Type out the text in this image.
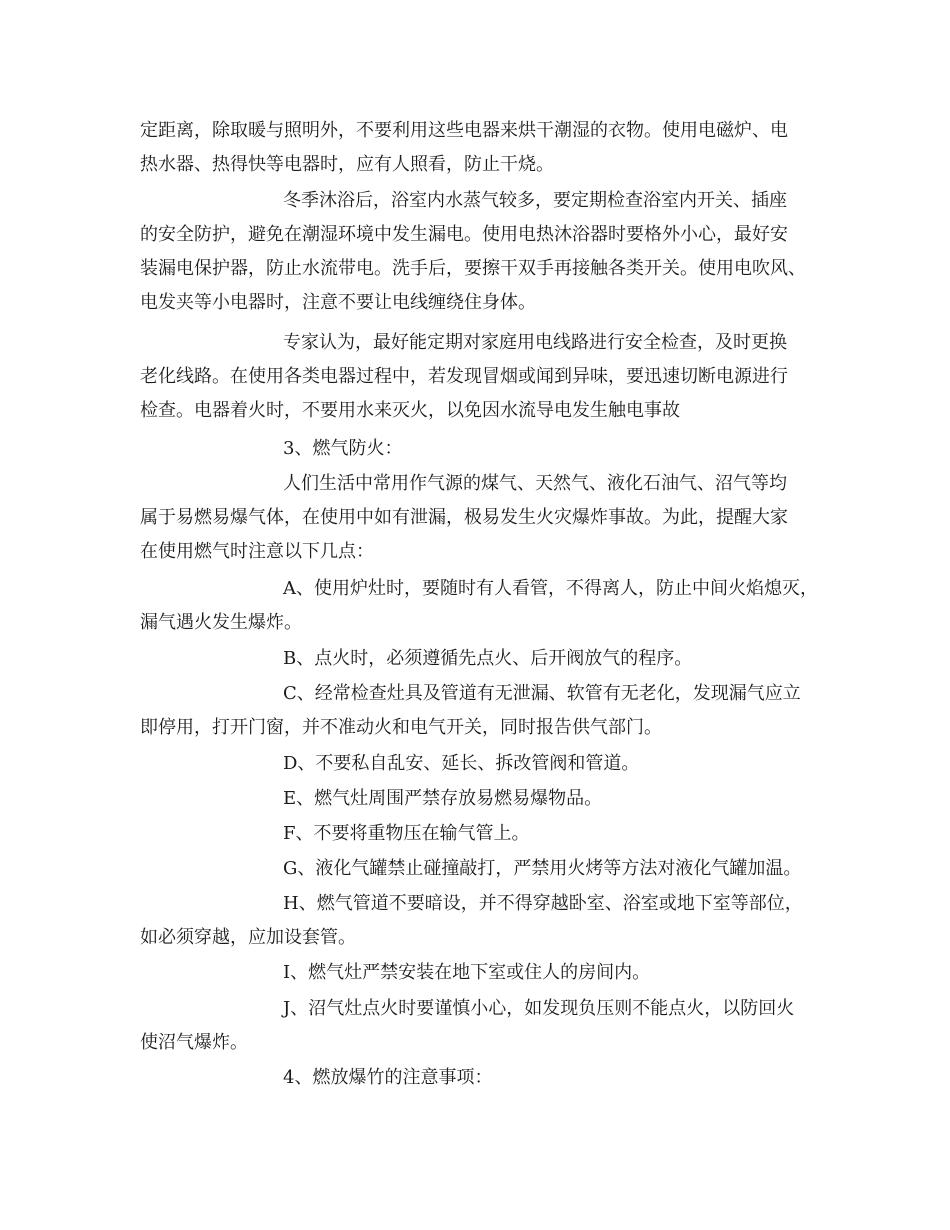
定距离，除取暖与照明外，不要利用这些电器来烘干潮湿的衣物。使用电磁炉、电
热水器、热得快等电器时，应有人照看，防止干烧。

冬季沐浴后，浴室内水蒸气较多，要定期检查浴室内开关、插座
的安全防护，避免在潮湿环境中发生漏电。使用电热沐浴器时要格外小心，最好安
装漏电保护器，防止水流带电。洗手后，要擦干双手再接触各类开关。使用电吹风、
电发夹等小电器时，注意不要让电线缠绕住身体。

专家认为，最好能定期对家庭用电线路进行安全检查，及时更换
老化线路。在使用各类电器过程中，若发现冒烟或闻到异味，要迅速切断电源进行
检查。电器着火时，不要用水来灭火，以免因水流导电发生触电事故

3、燃气防火：

人们生活中常用作气源的煤气、天然气、液化石油气、沼气等均
属于易燃易爆气体，在使用中如有泄漏，极易发生火灾爆炸事故。为此，提醒大家
在使用燃气时注意以下几点：

A、使用炉灶时，要随时有人看管，不得离人，防止中间火焰熄灭，
漏气遇火发生爆炸。

B、点火时，必须遵循先点火、后开阀放气的程序。

C、经常检查灶具及管道有无泄漏、软管有无老化，发现漏气应立
即停用，打开门窗，并不准动火和电气开关，同时报告供气部门。

D、不要私自乱安、延长、拆改管阀和管道。

E、燃气灶周围严禁存放易燃易爆物品。

F、不要将重物压在输气管上。

G、液化气罐禁止碰撞敲打，严禁用火烤等方法对液化气罐加温。

H、燃气管道不要暗设，并不得穿越卧室、浴室或地下室等部位，
如必须穿越，应加设套管。

I、燃气灶严禁安装在地下室或住人的房间内。

J、沼气灶点火时要谨慎小心，如发现负压则不能点火，以防回火
使沼气爆炸。

4、燃放爆竹的注意事项：
